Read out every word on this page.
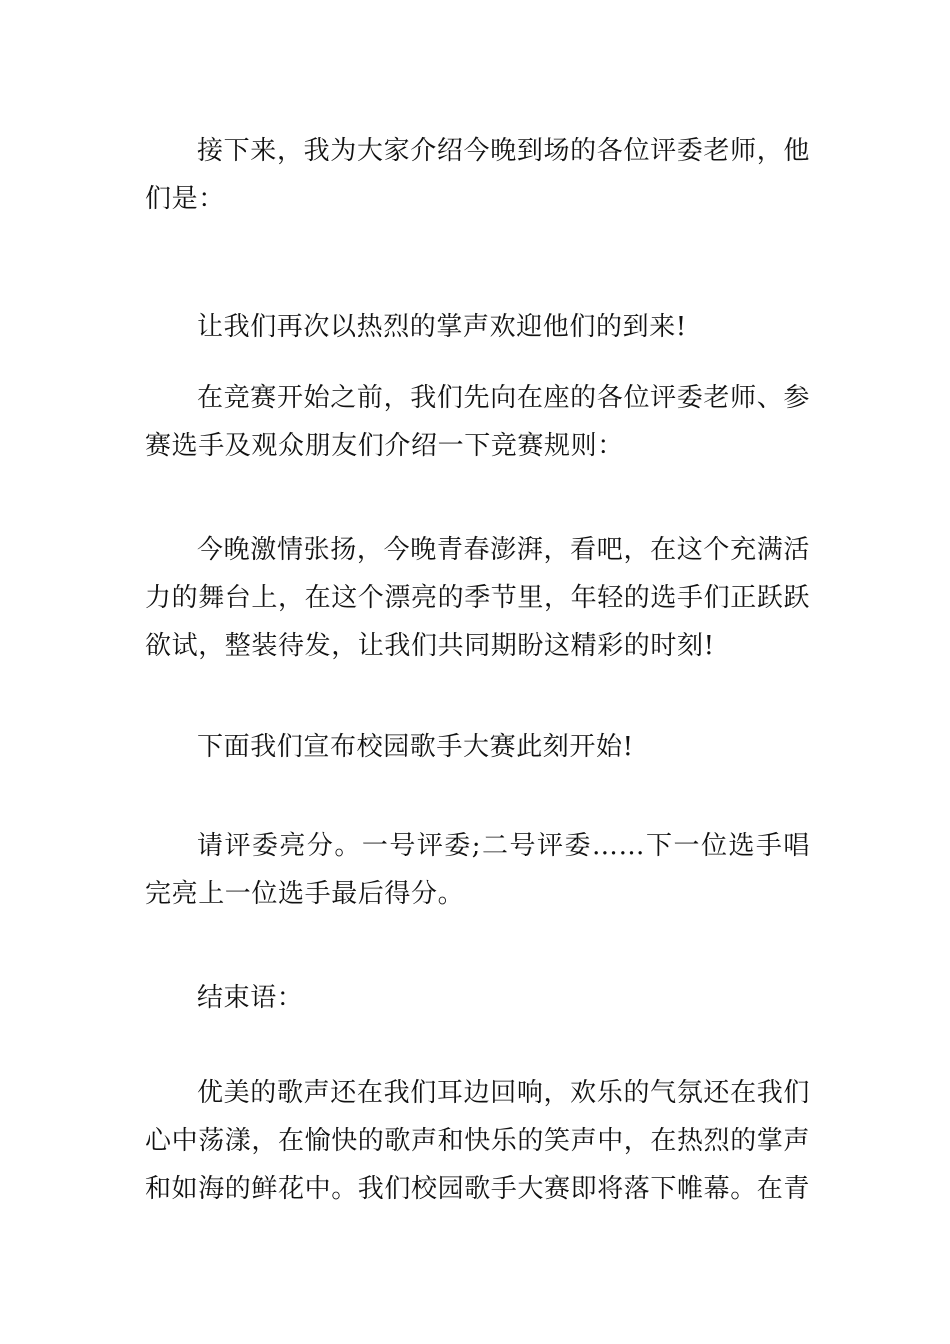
接下来，我为大家介绍今晚到场的各位评委老师，他们是：

让我们再次以热烈的掌声欢迎他们的到来!

在竞赛开始之前，我们先向在座的各位评委老师、参赛选手及观众朋友们介绍一下竞赛规则：

今晚激情张扬，今晚青春澎湃，看吧，在这个充满活力的舞台上，在这个漂亮的季节里，年轻的选手们正跃跃欲试，整装待发，让我们共同期盼这精彩的时刻!

下面我们宣布校园歌手大赛此刻开始!

请评委亮分。一号评委;二号评委……下一位选手唱完亮上一位选手最后得分。

结束语：

优美的歌声还在我们耳边回响，欢乐的气氛还在我们心中荡漾，在愉快的歌声和快乐的笑声中，在热烈的掌声和如海的鲜花中。我们校园歌手大赛即将落下帷幕。在青
